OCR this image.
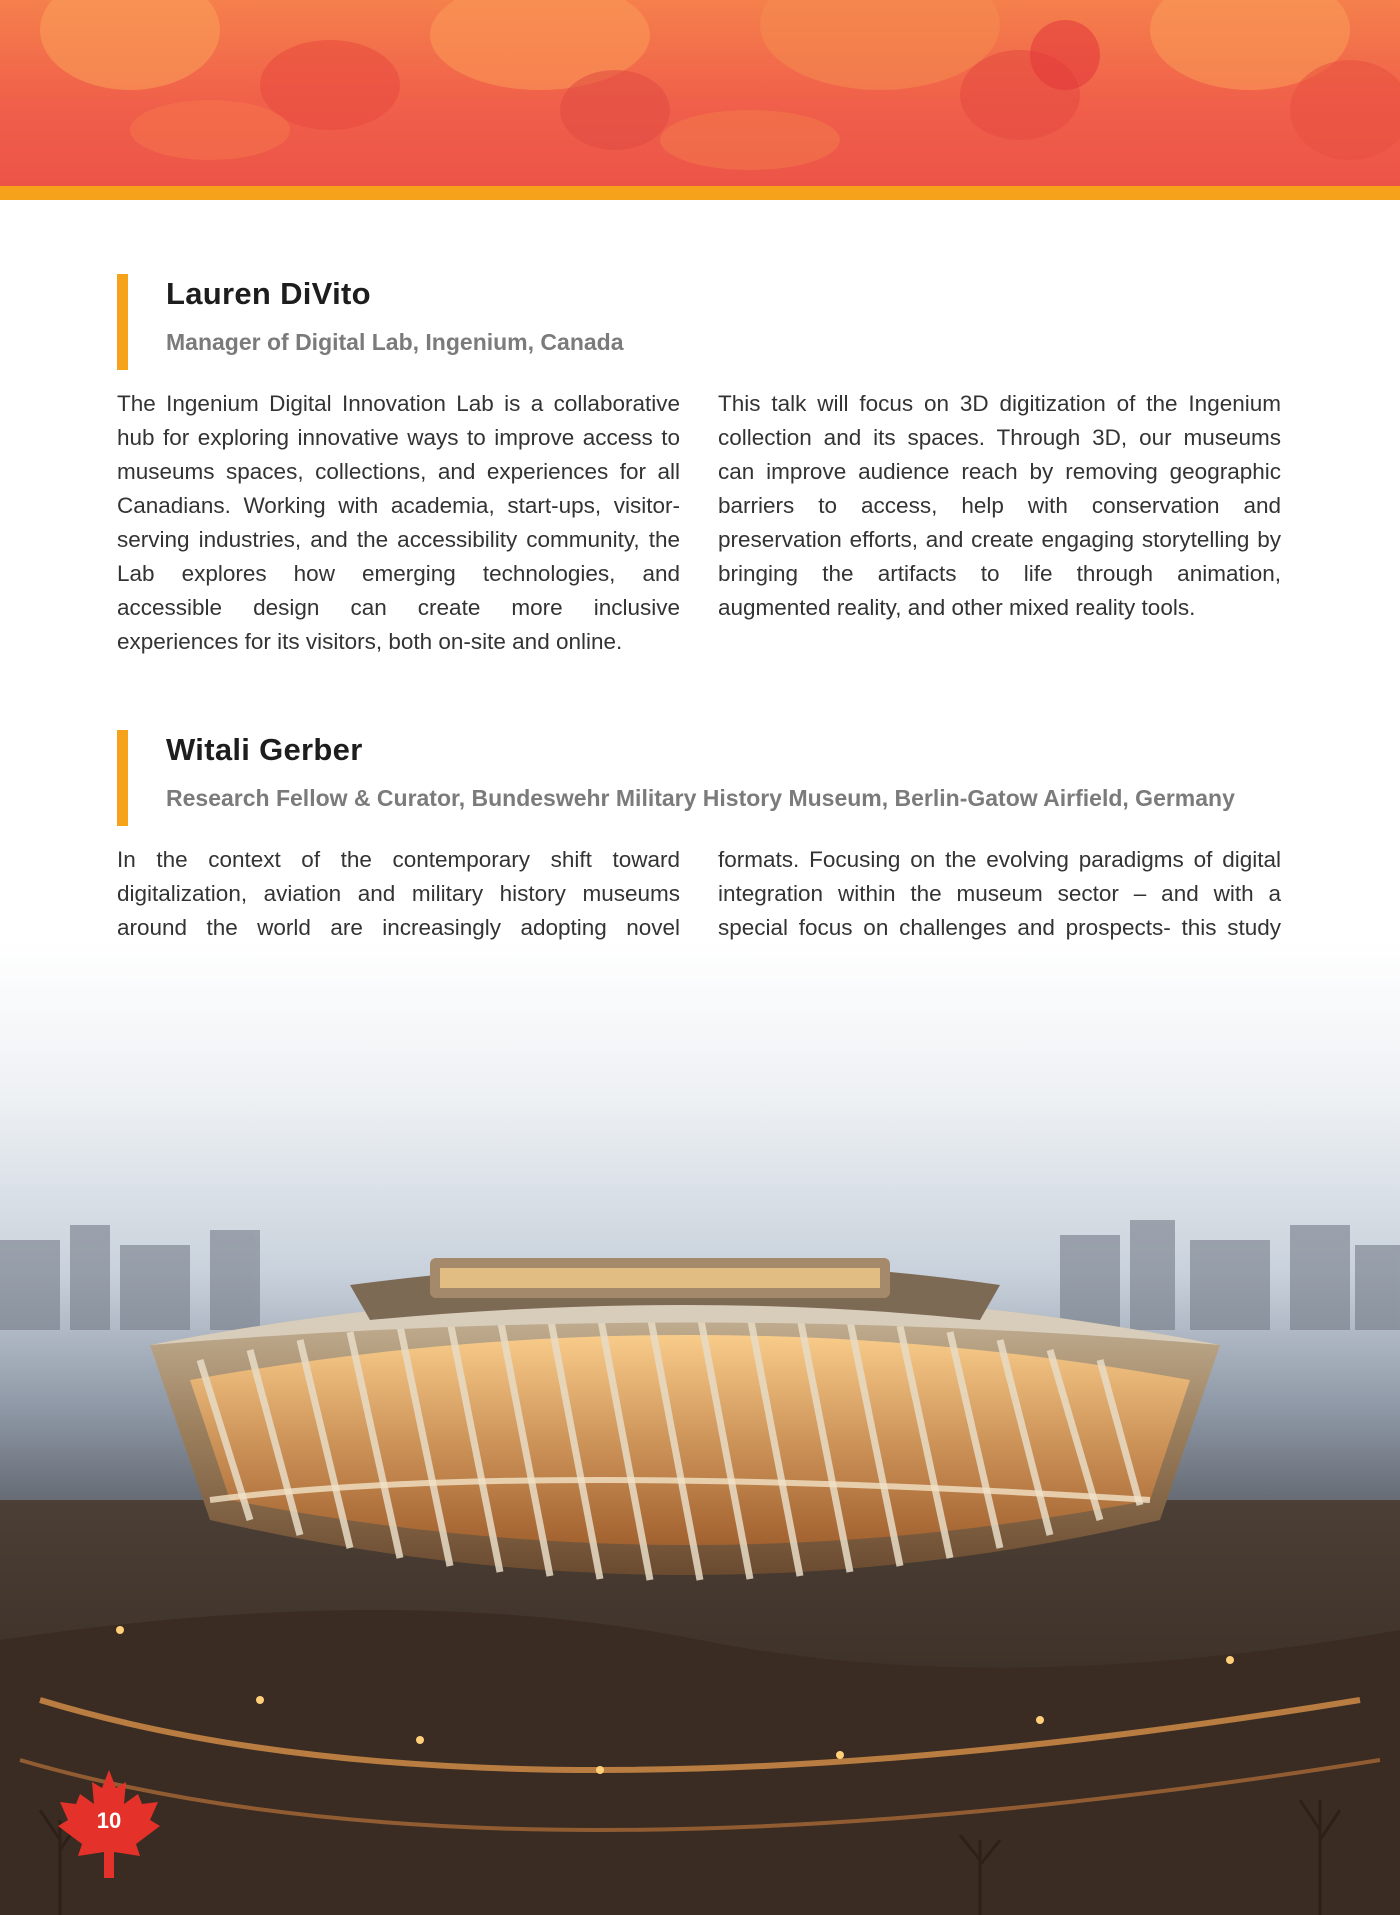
Lauren DiVito
Manager of Digital Lab, Ingenium, Canada

The Ingenium Digital Innovation Lab is a collaborative hub for exploring innovative ways to improve access to museums spaces, collections, and experiences for all Canadians. Working with academia, start-ups, visitor-serving industries, and the accessibility community, the Lab explores how emerging technologies, and accessible design can create more inclusive experiences for its visitors, both on-site and online.

This talk will focus on 3D digitization of the Ingenium collection and its spaces. Through 3D, our museums can improve audience reach by removing geographic barriers to access, help with conservation and preservation efforts, and create engaging storytelling by bringing the artifacts to life through animation, augmented reality, and other mixed reality tools.

Witali Gerber
Research Fellow & Curator, Bundeswehr Military History Museum, Berlin-Gatow Airfield, Germany

In the context of the contemporary shift toward digitalization, aviation and military history museums around the world are increasingly adopting novel

formats. Focusing on the evolving paradigms of digital integration within the museum sector – and with a special focus on challenges and prospects- this study

10
